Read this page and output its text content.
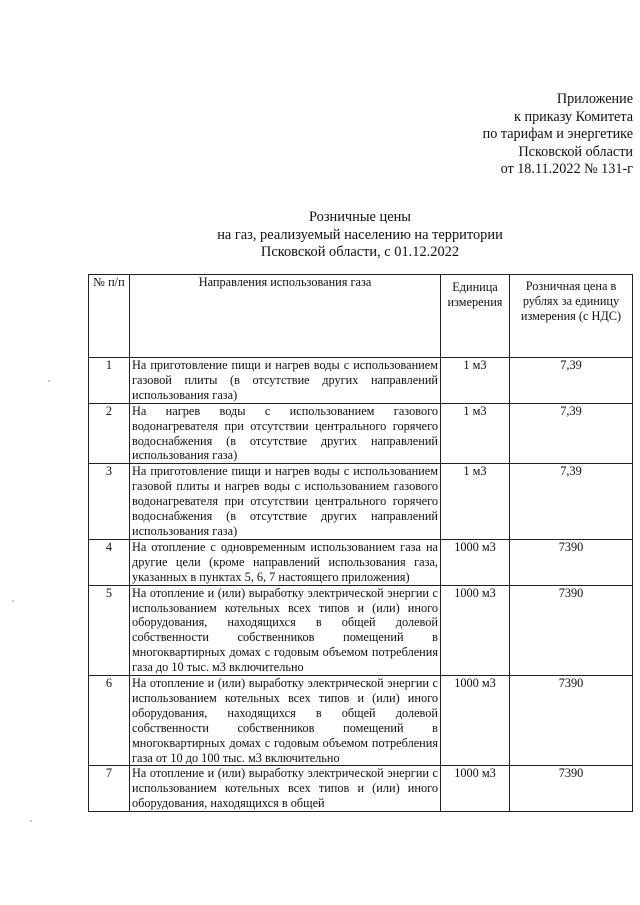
Приложение
к приказу Комитета
по тарифам и энергетике
Псковской области
от 18.11.2022 № 131-г
Розничные цены
на газ, реализуемый населению на территории
Псковской области, с 01.12.2022
№ п/п	Направления использования газа	Единица измерения	Розничная цена в рублях за единицу измерения (с НДС)
1	На приготовление пищи и нагрев воды с использованием газовой плиты (в отсутствие других направлений использования газа)	1 м3	7,39
2	На нагрев воды с использованием газового водонагревателя при отсутствии центрального горячего водоснабжения (в отсутствие других направлений использования газа)	1 м3	7,39
3	На приготовление пищи и нагрев воды с использованием газовой плиты и нагрев воды с использованием газового водонагревателя при отсутствии центрального горячего водоснабжения (в отсутствие других направлений использования газа)	1 м3	7,39
4	На отопление с одновременным использованием газа на другие цели (кроме направлений использования газа, указанных в пунктах 5, 6, 7 настоящего приложения)	1000 м3	7390
5	На отопление и (или) выработку электрической энергии с использованием котельных всех типов и (или) иного оборудования, находящихся в общей долевой собственности собственников помещений в многоквартирных домах с годовым объемом потребления газа до 10 тыс. м3 включительно	1000 м3	7390
6	На отопление и (или) выработку электрической энергии с использованием котельных всех типов и (или) иного оборудования, находящихся в общей долевой собственности собственников помещений в многоквартирных домах с годовым объемом потребления газа от 10 до 100 тыс. м3 включительно	1000 м3	7390
7	На отопление и (или) выработку электрической энергии с использованием котельных всех типов и (или) иного оборудования, находящихся в общей	1000 м3	7390
